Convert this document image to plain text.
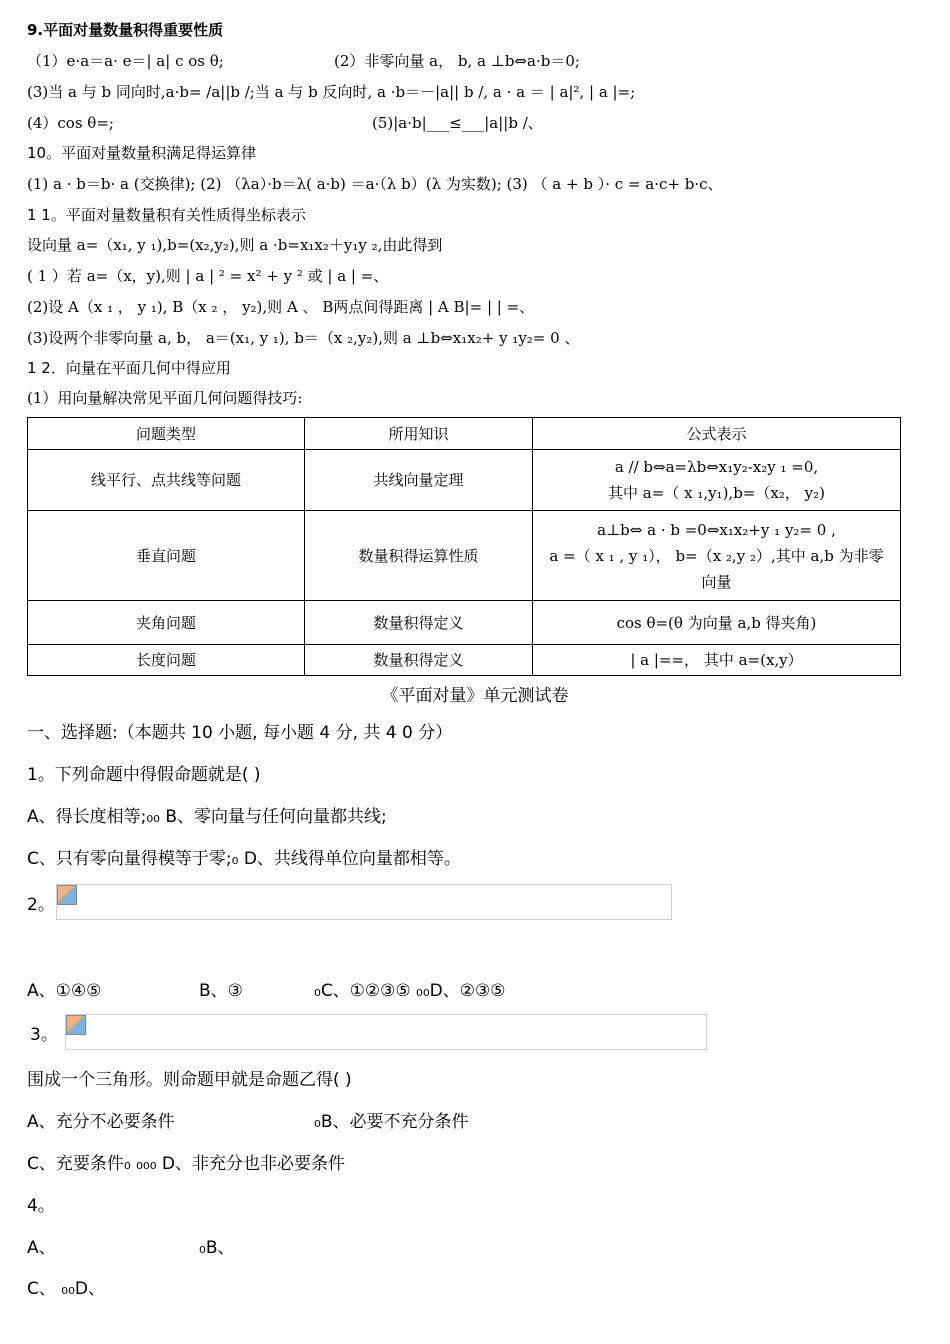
9.平面对量数量积得重要性质
（1）e·a＝a· e＝| a| c os θ;	(2）非零向量 a， b, a ⊥b⇔a·b＝0;
(3)当 a 与 b 同向时,a·b= /a||b /;当 a 与 b 反向时, a ·b＝－|a|| b /, a · a ＝ | a|², | a |=;
(4）cos θ=;	(5)|a·b|___≤___|a||b /、
10。平面对量数量积满足得运算律
(1) a · b＝b· a (交换律); (2) （λa）·b＝λ( a·b) ＝a·（λ b）(λ 为实数); (3) （ a + b ）· c = a·c+ b·c、
1 1。平面对量数量积有关性质得坐标表示
设向量 a=（x₁, y ₁),b=(x₂,y₂),则 a ·b=x₁x₂＋y₁y ₂,由此得到
( 1 ）若 a=（x，y),则 | a | ² = x² + y ² 或 | a | =、
(2)设 A（x ₁ ， y ₁), B（x ₂ ， y₂),则 A 、 B两点间得距离 | A B|= | | =、
(3)设两个非零向量 a, b， a＝(x₁, y ₁), b＝（x ₂,y₂),则 a ⊥b⇔x₁x₂+ y ₁y₂= 0 、
1 2．向量在平面几何中得应用
(1）用向量解决常见平面几何问题得技巧:
问题类型	所用知识	公式表示
线平行、点共线等问题	共线向量定理	a // b⇔a=λb⇔x₁y₂-x₂y ₁ =0,
其中 a=（ x ₁,y₁),b=（x₂， y₂)

垂直问题	数量积得运算性质	a⊥b⇔ a · b =0⇔x₁x₂+y ₁ y₂= 0 ,
a =（ x ₁ , y ₁）， b=（x ₂,y ₂）,其中 a,b 为非零
向量

夹角问题	数量积得定义	cos θ=(θ 为向量 a,b 得夹角)
长度问题	数量积得定义	| a |==， 其中 a=(x,y）
《平面对量》单元测试卷
一、选择题:（本题共 10 小题, 每小题 4 分, 共 4 0 分）
1。下列命题中得假命题就是( )
A、得长度相等;₀₀ B、零向量与任何向量都共线;
C、只有零向量得模等于零;₀ D、共线得单位向量都相等。
2。
A、①④⑤	B、③	₀C、①②③⑤ ₀₀D、②③⑤
3。
围成一个三角形。则命题甲就是命题乙得( )
A、充分不必要条件	₀B、必要不充分条件
C、充要条件₀ ₀₀₀ D、非充分也非必要条件
4。
A、	₀B、
C、 ₀₀D、
